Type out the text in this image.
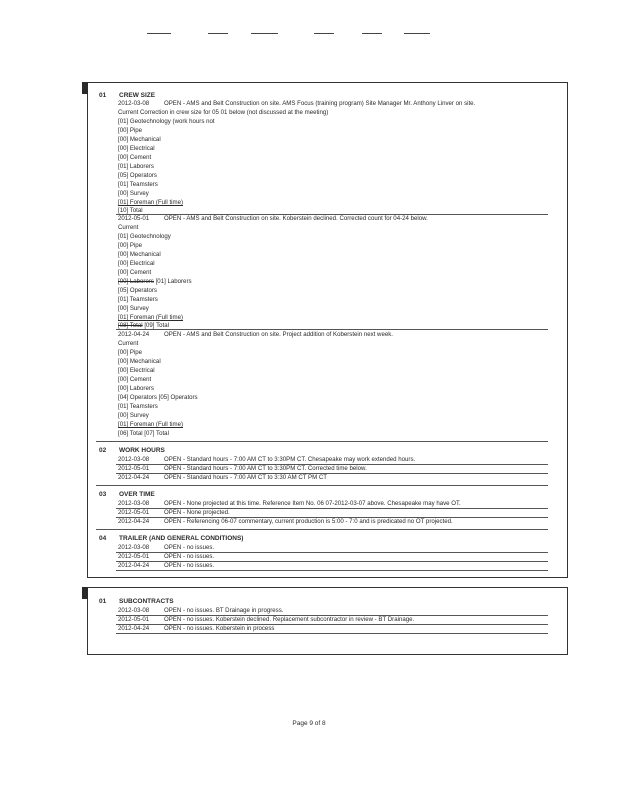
01 CREW SIZE
2012-03-08 OPEN - AMS and Belt Construction on site. AMS Focus (training program) Site Manager Mr. Anthony Linver on site.
Current Correction in crew size for 05 01 below (not discussed at the meeting)
[01] Geotechnology (work hours not
[00] Pipe
[00] Mechanical
[00] Electrical
[00] Cement
[01] Laborers
[05] Operators
[01] Teamsters
[00] Survey
[01] Foreman (Full time)
[10] Total
2012-05-01 OPEN - AMS and Belt Construction on site. Koberstein declined. Corrected count for 04-24 below.
Current
[01] Geotechnology
[00] Pipe
[00] Mechanical
[00] Electrical
[00] Cement
[00] Laborers [01] Laborers
[05] Operators
[01] Teamsters
[00] Survey
[01] Foreman (Full time)
[08] Total [09] Total
2012-04-24 OPEN - AMS and Belt Construction on site. Project addition of Koberstein next week.
Current
[00] Pipe
[00] Mechanical
[00] Electrical
[00] Cement
[00] Laborers
[04] Operators [05] Operators
[01] Teamsters
[00] Survey
[01] Foreman (Full time)
[06] Total [07] Total
02 WORK HOURS
2012-03-08 OPEN - Standard hours - 7:00 AM CT to 3:30PM CT. Chesapeake may work extended hours.
2012-05-01 OPEN - Standard hours - 7:00 AM CT to 3:30PM CT. Corrected time below.
2012-04-24 OPEN - Standard hours - 7:00 AM CT to 3:30 AM CT PM CT
03 OVER TIME
2012-03-08 OPEN - None projected at this time. Reference Item No. 06 07-2012-03-07 above. Chesapeake may have OT.
2012-05-01 OPEN - None projected.
2012-04-24 OPEN - Referencing 06-07 commentary, current production is 5:00 - 7:0 and is predicated no OT projected.
04 TRAILER (AND GENERAL CONDITIONS)
2012-03-08 OPEN - no issues.
2012-05-01 OPEN - no issues.
2012-04-24 OPEN - no issues.
01 SUBCONTRACTS
2012-03-08 OPEN - no issues. BT Drainage in progress.
2012-05-01 OPEN - no issues. Koberstein declined. Replacement subcontractor in review - BT Drainage.
2012-04-24 OPEN - no issues. Koberstein in process
Page 9 of 8
